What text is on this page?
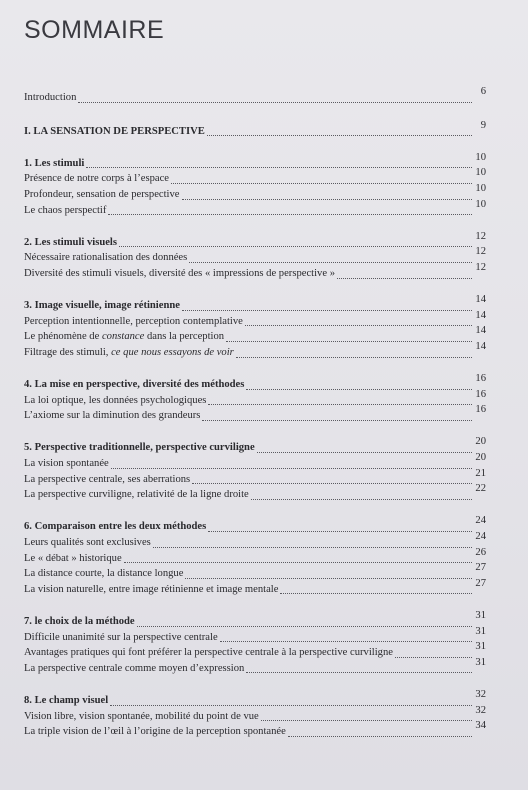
SOMMAIRE
Introduction
6
I. LA SENSATION DE PERSPECTIVE
9
1. Les stimuli
10
Présence de notre corps à l’espace
10
Profondeur, sensation de perspective
10
Le chaos perspectif
10
2. Les stimuli visuels
12
Nécessaire rationalisation des données
12
Diversité des stimuli visuels, diversité des « impressions de perspective »
12
3. Image visuelle, image rétinienne
14
Perception intentionnelle, perception contemplative
14
Le phénomène de constance dans la perception
14
Filtrage des stimuli, ce que nous essayons de voir
14
4. La mise en perspective, diversité des méthodes
16
La loi optique, les données psychologiques
16
L’axiome sur la diminution des grandeurs
16
5. Perspective traditionnelle, perspective curviligne
20
La vision spontanée
20
La perspective centrale, ses aberrations
21
La perspective curviligne, relativité de la ligne droite
22
6. Comparaison entre les deux méthodes
24
Leurs qualités sont exclusives
24
Le « débat » historique
26
La distance courte, la distance longue
27
La vision naturelle, entre image rétinienne et image mentale
27
7. le choix de la méthode
31
Difficile unanimité sur la perspective centrale
31
Avantages pratiques qui font préférer la perspective centrale à la perspective curviligne
31
La perspective centrale comme moyen d’expression
31
8. Le champ visuel
32
Vision libre, vision spontanée, mobilité du point de vue
32
La triple vision de l’œil à l’origine de la perception spontanée
34
